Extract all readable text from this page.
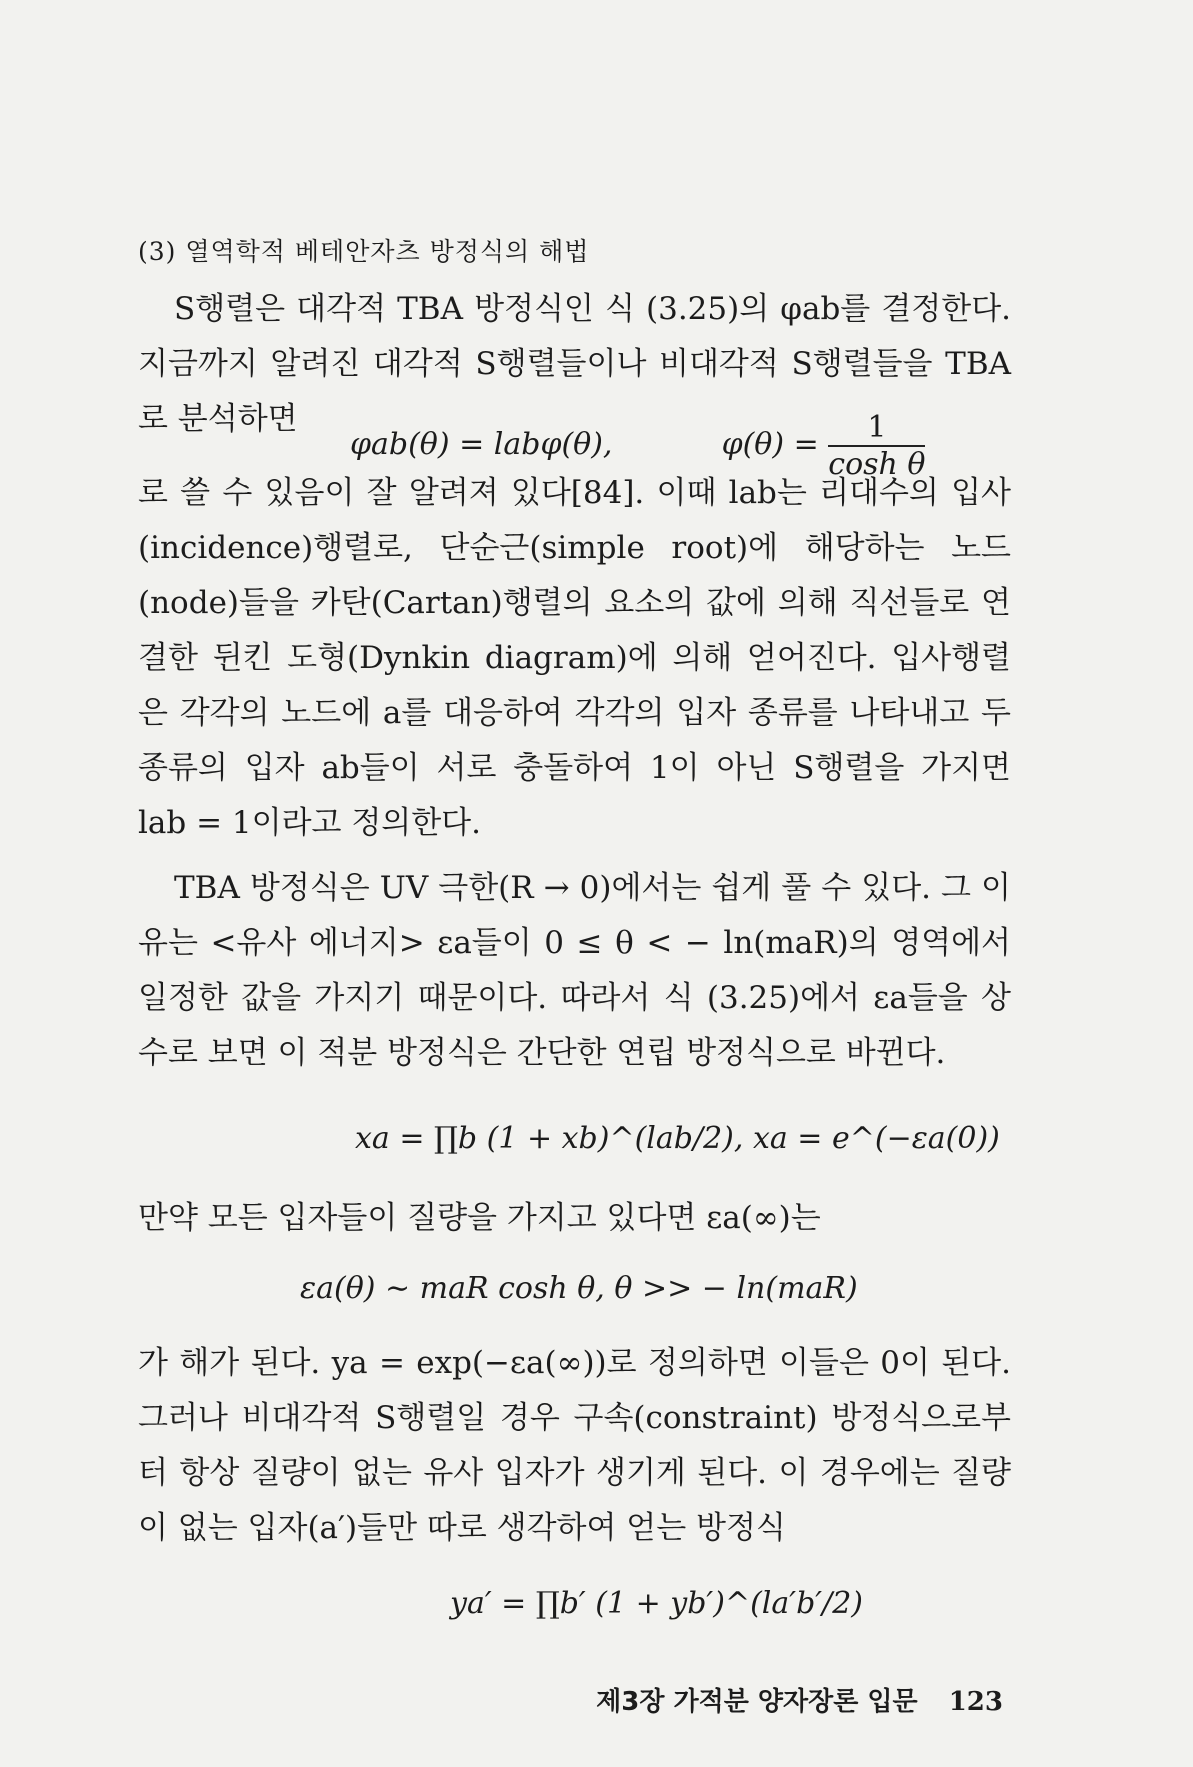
(3) 열역학적 베테안자츠 방정식의 해법

S행렬은 대각적 TBA 방정식인 식 (3.25)의 φab를 결정한다. 지금까지 알려진 대각적 S행렬들이나 비대각적 S행렬들을 TBA로 분석하면

φab(θ) = labφ(θ),	$\varphi(\theta) = \frac{1}{\text{cosh θ}}$

로 쓸 수 있음이 잘 알려져 있다[84]. 이때 lab는 리대수의 입사(incidence)행렬로, 단순근(simple root)에 해당하는 노드(node)들을 카탄(Cartan)행렬의 요소의 값에 의해 직선들로 연결한 뒨킨 도형(Dynkin diagram)에 의해 얻어진다. 입사행렬은 각각의 노드에 a를 대응하여 각각의 입자 종류를 나타내고 두 종류의 입자 ab들이 서로 충돌하여 1이 아닌 S행렬을 가지면 lab = 1이라고 정의한다.

TBA 방정식은 UV 극한(R → 0)에서는 쉽게 풀 수 있다. 그 이유는 <유사 에너지> εa들이 0 ≤ θ < − ln(maR)의 영역에서 일정한 값을 가지기 때문이다. 따라서 식 (3.25)에서 εa들을 상수로 보면 이 적분 방정식은 간단한 연립 방정식으로 바뀐다.

xa = ∏b (1 + xb)^(lab/2), xa = e^(−εa(0))

만약 모든 입자들이 질량을 가지고 있다면 εa(∞)는

εa(θ) ∼ maR cosh θ, θ >> − ln(maR)

가 해가 된다. ya = exp(−εa(∞))로 정의하면 이들은 0이 된다. 그러나 비대각적 S행렬일 경우 구속(constraint) 방정식으로부터 항상 질량이 없는 유사 입자가 생기게 된다. 이 경우에는 질량이 없는 입자(a′)들만 따로 생각하여 얻는 방정식

ya′ = ∏b′ (1 + yb′)^(la′b′/2)
제3장 가적분 양자장론 입문 123
